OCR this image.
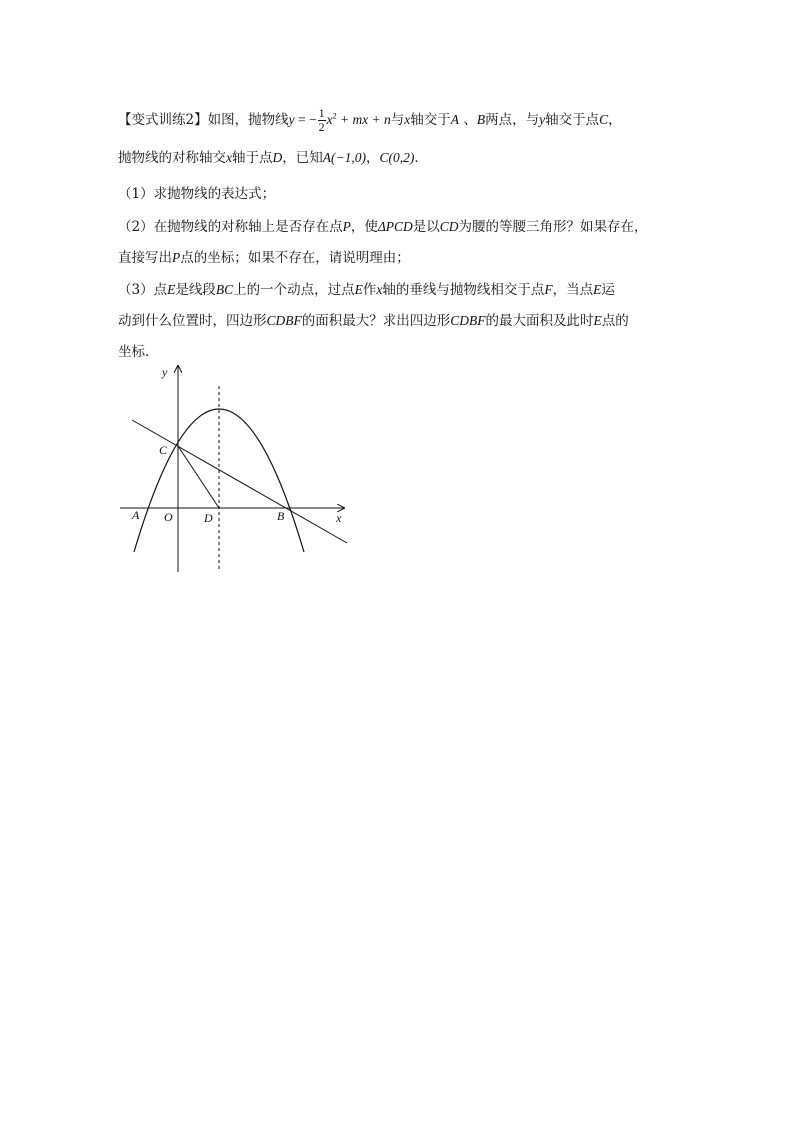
【变式训练2】如图，抛物线y = − $\frac{1}{2} x^2$ + mx + n与x轴交于A 、B两点，与y轴交于点C，
抛物线的对称轴交x轴于点D，已知A(−1,0)，C(0,2)．
（1）求抛物线的表达式；
（2）在抛物线的对称轴上是否存在点P，使ΔPCD是以CD为腰的等腰三角形？如果存在，
直接写出P点的坐标；如果不存在，请说明理由；
（3）点E是线段BC上的一个动点，过点E作x轴的垂线与抛物线相交于点F，当点E运
动到什么位置时，四边形CDBF的面积最大？求出四边形CDBF的最大面积及此时E点的
坐标．
y
x
C
A O	D	B
